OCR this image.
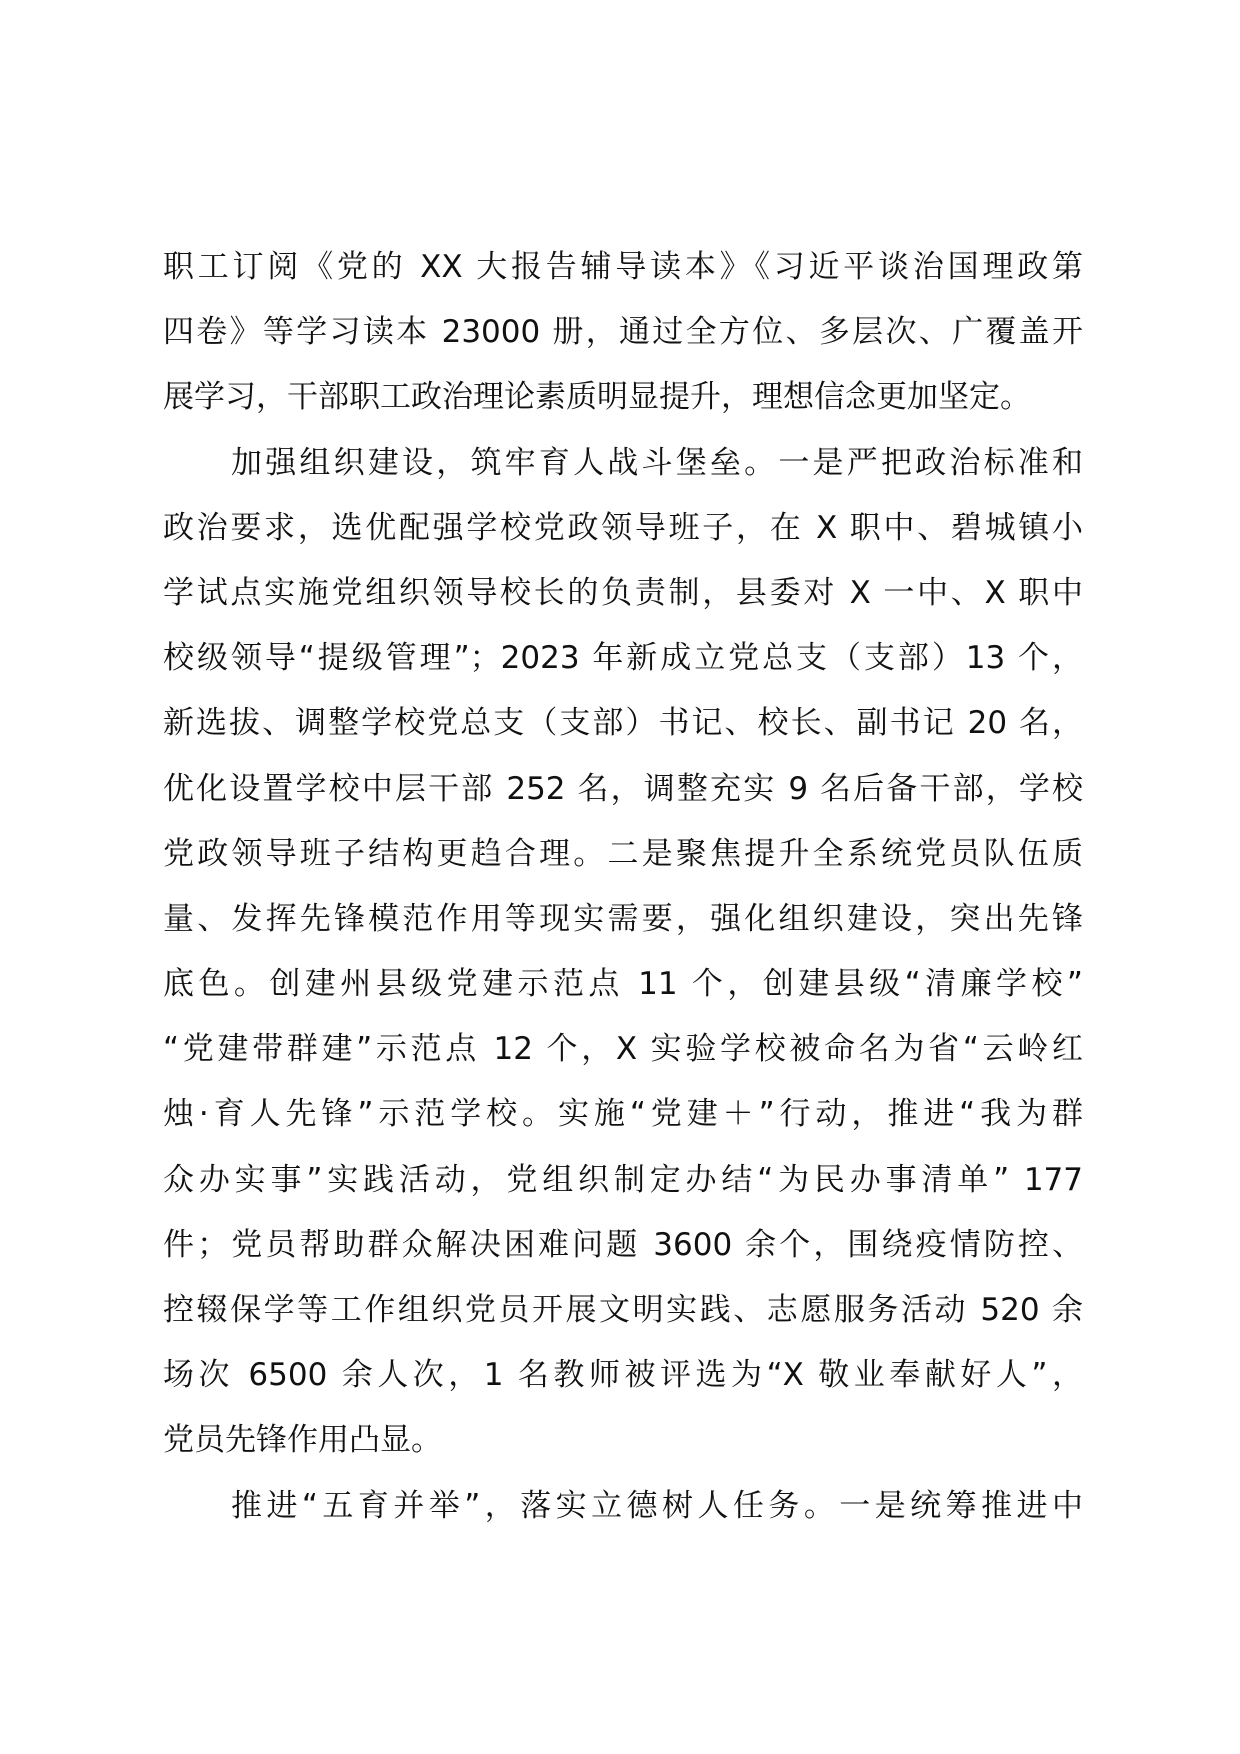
职工订阅《党的 XX 大报告辅导读本》《习近平谈治国理政第
四卷》等学习读本 23000 册，通过全方位、多层次、广覆盖开
展学习，干部职工政治理论素质明显提升，理想信念更加坚定。
加强组织建设，筑牢育人战斗堡垒。一是严把政治标准和
政治要求，选优配强学校党政领导班子，在 X 职中、碧城镇小
学试点实施党组织领导校长的负责制，县委对 X 一中、X 职中
校级领导“提级管理”；2023 年新成立党总支（支部）13 个，
新选拔、调整学校党总支（支部）书记、校长、副书记 20 名，
优化设置学校中层干部 252 名，调整充实 9 名后备干部，学校
党政领导班子结构更趋合理。二是聚焦提升全系统党员队伍质
量、发挥先锋模范作用等现实需要，强化组织建设，突出先锋
底色。创建州县级党建示范点 11 个，创建县级“清廉学校”
“党建带群建”示范点 12 个，X 实验学校被命名为省“云岭红
烛·育人先锋”示范学校。实施“党建＋”行动，推进“我为群
众办实事”实践活动，党组织制定办结“为民办事清单” 177
件；党员帮助群众解决困难问题 3600 余个，围绕疫情防控、
控辍保学等工作组织党员开展文明实践、志愿服务活动 520 余
场次 6500 余人次，1 名教师被评选为“X 敬业奉献好人”，
党员先锋作用凸显。
推进“五育并举”，落实立德树人任务。一是统筹推进中
